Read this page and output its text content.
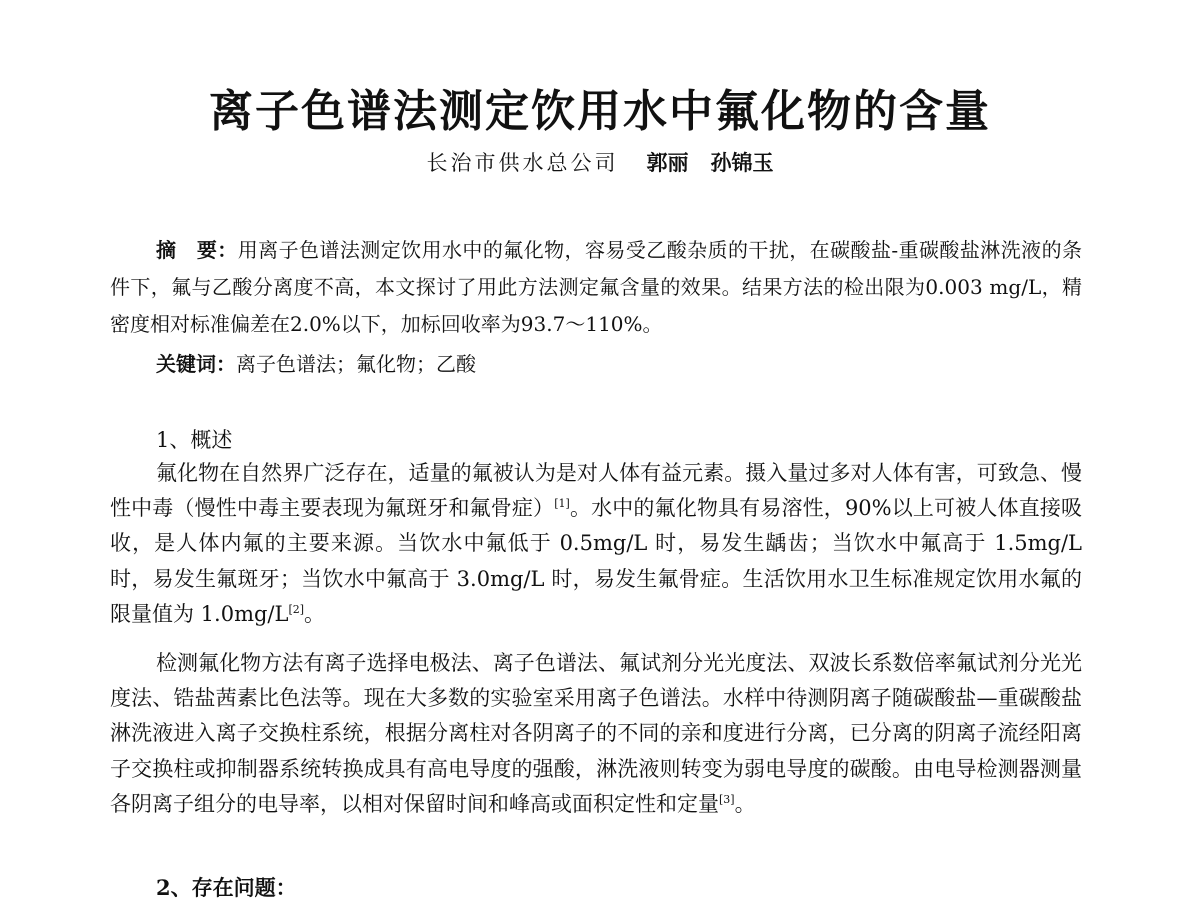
离子色谱法测定饮用水中氟化物的含量
长治市供水总公司 郭丽   孙锦玉
摘　要：用离子色谱法测定饮用水中的氟化物，容易受乙酸杂质的干扰，在碳酸盐-重碳酸盐淋洗液的条件下，氟与乙酸分离度不高，本文探讨了用此方法测定氟含量的效果。结果方法的检出限为0.003 mg/L，精密度相对标准偏差在2.0%以下，加标回收率为93.7～110%。
关键词：离子色谱法；氟化物；乙酸
1、概述
氟化物在自然界广泛存在，适量的氟被认为是对人体有益元素。摄入量过多对人体有害，可致急、慢性中毒（慢性中毒主要表现为氟斑牙和氟骨症）[1]。水中的氟化物具有易溶性，90%以上可被人体直接吸收，是人体内氟的主要来源。当饮水中氟低于 0.5mg/L 时，易发生龋齿；当饮水中氟高于 1.5mg/L 时，易发生氟斑牙；当饮水中氟高于 3.0mg/L 时，易发生氟骨症。生活饮用水卫生标准规定饮用水氟的限量值为 1.0mg/L[2]。
检测氟化物方法有离子选择电极法、离子色谱法、氟试剂分光光度法、双波长系数倍率氟试剂分光光度法、锆盐茜素比色法等。现在大多数的实验室采用离子色谱法。水样中待测阴离子随碳酸盐—重碳酸盐淋洗液进入离子交换柱系统，根据分离柱对各阴离子的不同的亲和度进行分离，已分离的阴离子流经阳离子交换柱或抑制器系统转换成具有高电导度的强酸，淋洗液则转变为弱电导度的碳酸。由电导检测器测量各阴离子组分的电导率，以相对保留时间和峰高或面积定性和定量[3]。
2、存在问题：
